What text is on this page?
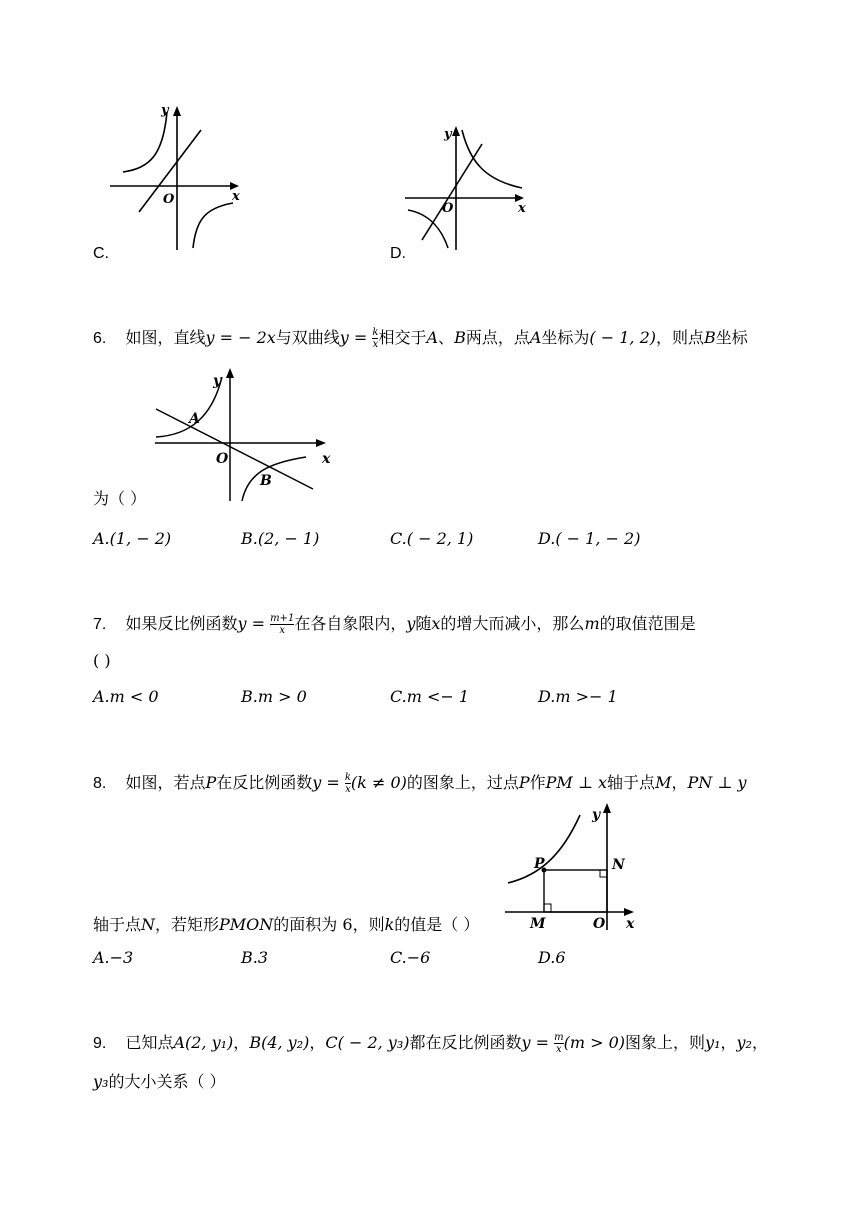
y
O	x
C.
y
O	x
D.
6. 如图，直线y = − 2x与双曲线$y = \frac{k}{x}$ 相交于A、B两点，点A坐标为( − 1, 2)，则点B坐标
y
O	x
A
B
为（ ）
A.(1, − 2)	B.(2, − 1)	C.( − 2, 1)	D.( − 1, − 2)
7. 如果反比例函数$y = \frac{m+1}{x}$ 在各自象限内，y随x的增大而减小，那么m的取值范围是
( )
A.m < 0	B.m > 0	C.m <− 1	D.m >− 1
8. 如图，若点P在反比例函数$y = \frac{k}{x} (k \ne 0)$的图象上，过点P作PM ⊥ x轴于点M，PN ⊥ y
y
N
P
M	O x
轴于点N，若矩形PMON的面积为 6，则k的值是（ ）
A.−3	B.3	C.−6	D.6
9. 已知点A(2, y₁)，B(4, y₂)，C( − 2, y₃)都在反比例函数$y = \frac{m}{x} (m > 0)$图象上，则y₁，y₂，
y₃的大小关系（ ）
